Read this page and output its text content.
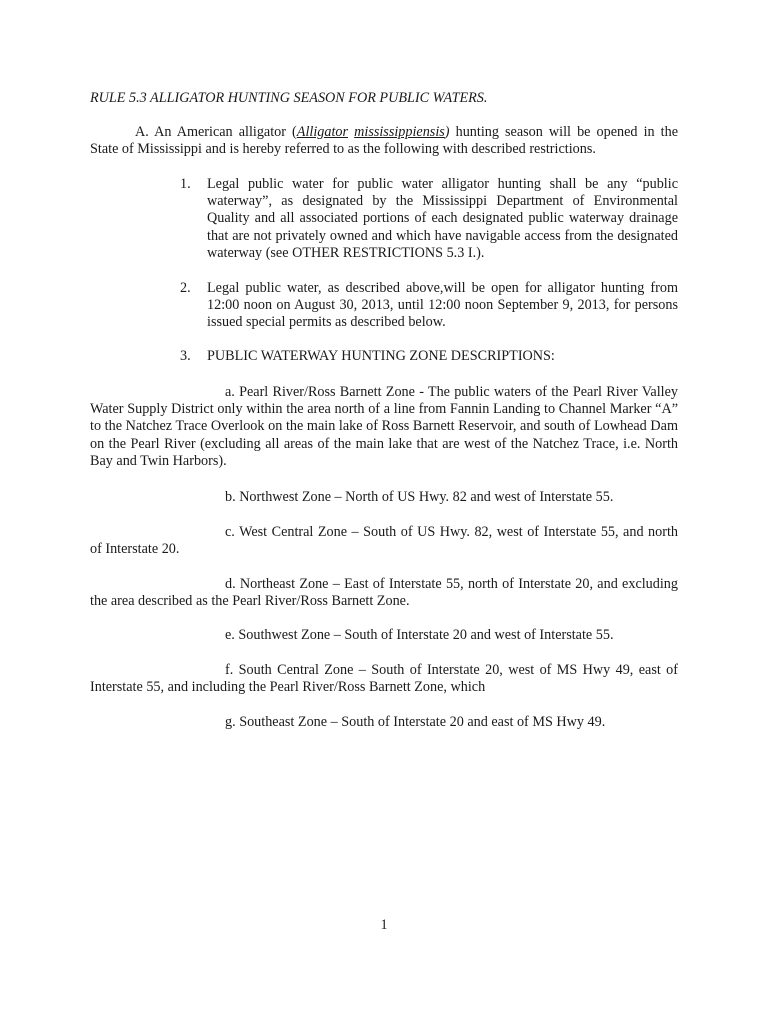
RULE 5.3 ALLIGATOR HUNTING SEASON FOR PUBLIC WATERS.

A. An American alligator (Alligator mississippiensis) hunting season will be opened in the State of Mississippi and is hereby referred to as the following with described restrictions.

1. Legal public water for public water alligator hunting shall be any “public waterway”, as designated by the Mississippi Department of Environmental Quality and all associated portions of each designated public waterway drainage that are not privately owned and which have navigable access from the designated waterway (see OTHER RESTRICTIONS 5.3 I.).
2. Legal public water, as described above,will be open for alligator hunting from 12:00 noon on August 30, 2013, until 12:00 noon September 9, 2013, for persons issued special permits as described below.
3. PUBLIC WATERWAY HUNTING ZONE DESCRIPTIONS:

a. Pearl River/Ross Barnett Zone - The public waters of the Pearl River Valley Water Supply District only within the area north of a line from Fannin Landing to Channel Marker “A” to the Natchez Trace Overlook on the main lake of Ross Barnett Reservoir, and south of Lowhead Dam on the Pearl River (excluding all areas of the main lake that are west of the Natchez Trace, i.e. North Bay and Twin Harbors).

b. Northwest Zone – North of US Hwy. 82 and west of Interstate 55.

c. West Central Zone – South of US Hwy. 82, west of Interstate 55, and north of Interstate 20.

d. Northeast Zone – East of Interstate 55, north of Interstate 20, and excluding the area described as the Pearl River/Ross Barnett Zone.

e. Southwest Zone – South of Interstate 20 and west of Interstate 55.

f. South Central Zone – South of Interstate 20, west of MS Hwy 49, east of Interstate 55, and including the Pearl River/Ross Barnett Zone, which

g. Southeast Zone – South of Interstate 20 and east of MS Hwy 49.

1
